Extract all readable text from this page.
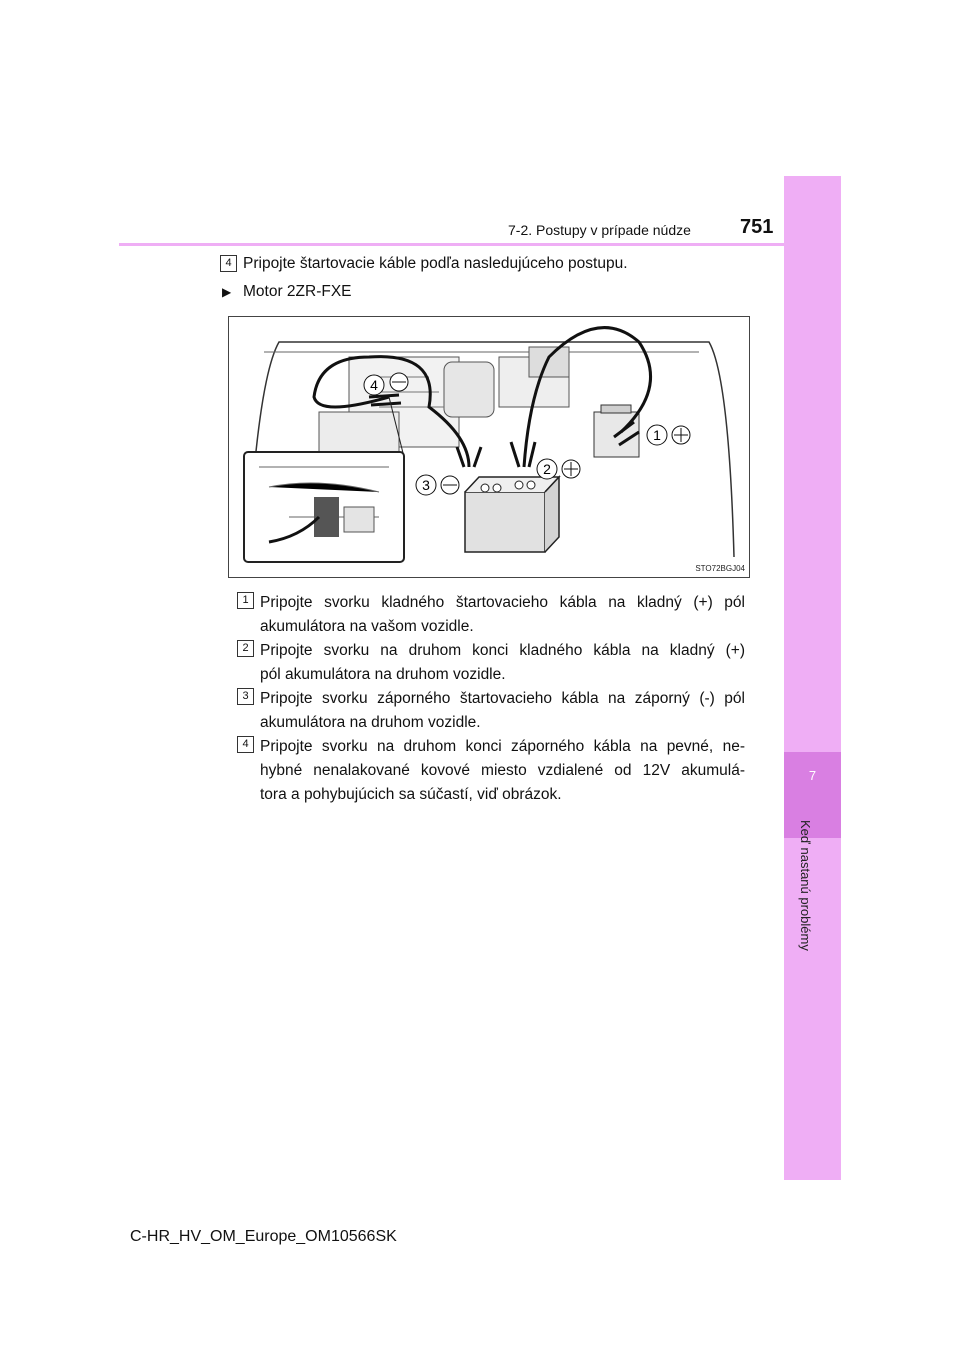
7
Keď nastanú problémy
7-2. Postupy v prípade núdze 751
4 Pripojte štartovacie káble podľa nasledujúceho postupu.
▶ Motor 2ZR-FXE
4
1
2
3
STO72BGJ04
1 Pripojte svorku kladného štartovacieho kábla na kladný (+) pól
akumulátora na vašom vozidle.
2 Pripojte svorku na druhom konci kladného kábla na kladný (+)
pól akumulátora na druhom vozidle.
3 Pripojte svorku záporného štartovacieho kábla na záporný (-) pól
akumulátora na druhom vozidle.
4 Pripojte svorku na druhom konci záporného kábla na pevné, ne-
hybné nenalakované kovové miesto vzdialené od 12V akumulá-
tora a pohybujúcich sa súčastí, viď obrázok.
C-HR_HV_OM_Europe_OM10566SK
